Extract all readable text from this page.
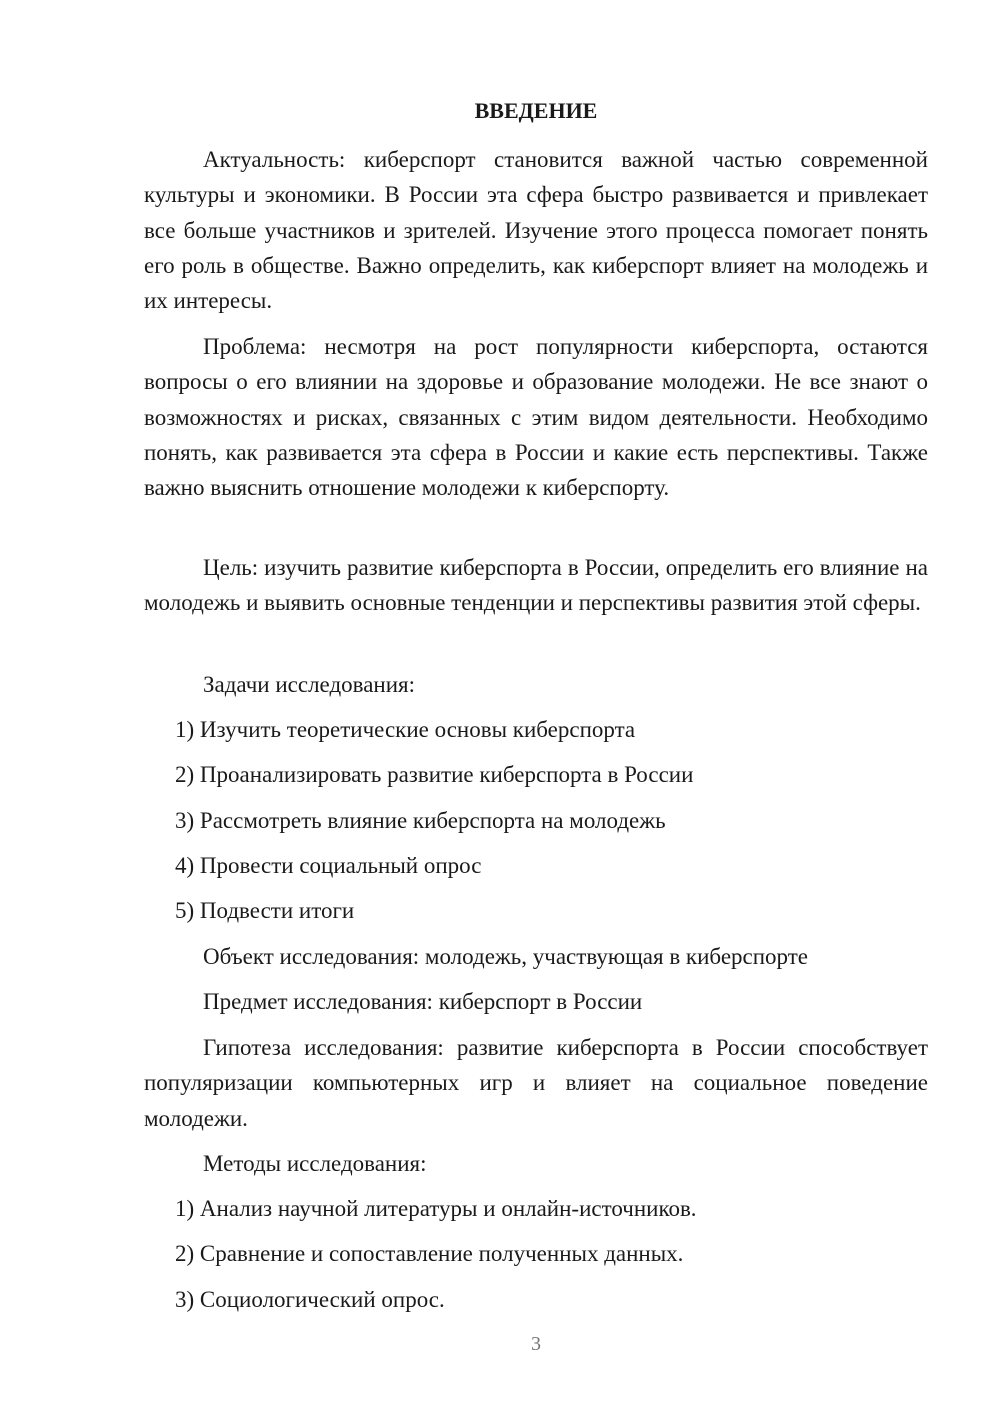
ВВЕДЕНИЕ

Актуальность: киберспорт становится важной частью современной культуры и экономики. В России эта сфера быстро развивается и привлекает все больше участников и зрителей. Изучение этого процесса помогает понять его роль в обществе. Важно определить, как киберспорт влияет на молодежь и их интересы.

Проблема: несмотря на рост популярности киберспорта, остаются вопросы о его влиянии на здоровье и образование молодежи. Не все знают о возможностях и рисках, связанных с этим видом деятельности. Необходимо понять, как развивается эта сфера в России и какие есть перспективы. Также важно выяснить отношение молодежи к киберспорту.

Цель: изучить развитие киберспорта в России, определить его влияние на молодежь и выявить основные тенденции и перспективы развития этой сферы.

Задачи исследования:

1) Изучить теоретические основы киберспорта

2) Проанализировать развитие киберспорта в России

3) Рассмотреть влияние киберспорта на молодежь

4) Провести социальный опрос

5) Подвести итоги

Объект исследования: молодежь, участвующая в киберспорте

Предмет исследования: киберспорт в России

Гипотеза исследования: развитие киберспорта в России способствует популяризации компьютерных игр и влияет на социальное поведение молодежи.

Методы исследования:

1) Анализ научной литературы и онлайн-источников.

2) Сравнение и сопоставление полученных данных.

3) Социологический опрос.

3
